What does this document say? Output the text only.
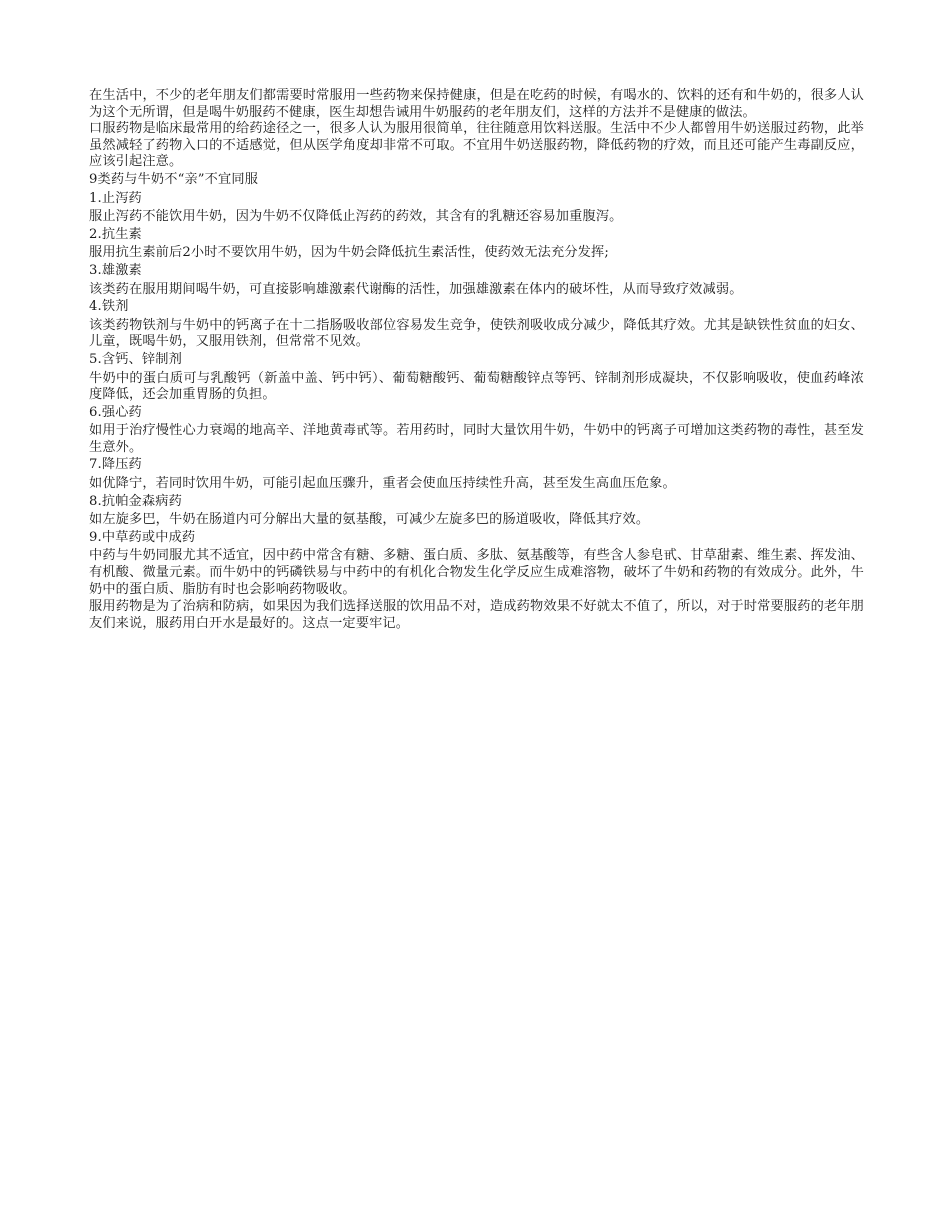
在生活中，不少的老年朋友们都需要时常服用一些药物来保持健康，但是在吃药的时候，有喝水的、饮料的还有和牛奶的，很多人认为这个无所谓，但是喝牛奶服药不健康，医生却想告诫用牛奶服药的老年朋友们，这样的方法并不是健康的做法。

口服药物是临床最常用的给药途径之一，很多人认为服用很简单，往往随意用饮料送服。生活中不少人都曾用牛奶送服过药物，此举虽然减轻了药物入口的不适感觉，但从医学角度却非常不可取。不宜用牛奶送服药物，降低药物的疗效，而且还可能产生毒副反应，应该引起注意。

9类药与牛奶不“亲”不宜同服

1.止泻药

服止泻药不能饮用牛奶，因为牛奶不仅降低止泻药的药效，其含有的乳糖还容易加重腹泻。

2.抗生素

服用抗生素前后2小时不要饮用牛奶，因为牛奶会降低抗生素活性，使药效无法充分发挥;

3.雄激素

该类药在服用期间喝牛奶，可直接影响雄激素代谢酶的活性，加强雄激素在体内的破坏性，从而导致疗效减弱。

4.铁剂

该类药物铁剂与牛奶中的钙离子在十二指肠吸收部位容易发生竞争，使铁剂吸收成分减少，降低其疗效。尤其是缺铁性贫血的妇女、儿童，既喝牛奶，又服用铁剂，但常常不见效。

5.含钙、锌制剂

牛奶中的蛋白质可与乳酸钙（新盖中盖、钙中钙）、葡萄糖酸钙、葡萄糖酸锌点等钙、锌制剂形成凝块，不仅影响吸收，使血药峰浓度降低，还会加重胃肠的负担。

6.强心药

如用于治疗慢性心力衰竭的地高辛、洋地黄毒甙等。若用药时，同时大量饮用牛奶，牛奶中的钙离子可增加这类药物的毒性，甚至发生意外。

7.降压药

如优降宁，若同时饮用牛奶，可能引起血压骤升，重者会使血压持续性升高，甚至发生高血压危象。

8.抗帕金森病药

如左旋多巴，牛奶在肠道内可分解出大量的氨基酸，可减少左旋多巴的肠道吸收，降低其疗效。

9.中草药或中成药

中药与牛奶同服尤其不适宜，因中药中常含有糖、多糖、蛋白质、多肽、氨基酸等，有些含人参皂甙、甘草甜素、维生素、挥发油、有机酸、微量元素。而牛奶中的钙磷铁易与中药中的有机化合物发生化学反应生成难溶物，破坏了牛奶和药物的有效成分。此外，牛奶中的蛋白质、脂肪有时也会影响药物吸收。

服用药物是为了治病和防病，如果因为我们选择送服的饮用品不对，造成药物效果不好就太不值了，所以，对于时常要服药的老年朋友们来说，服药用白开水是最好的。这点一定要牢记。
